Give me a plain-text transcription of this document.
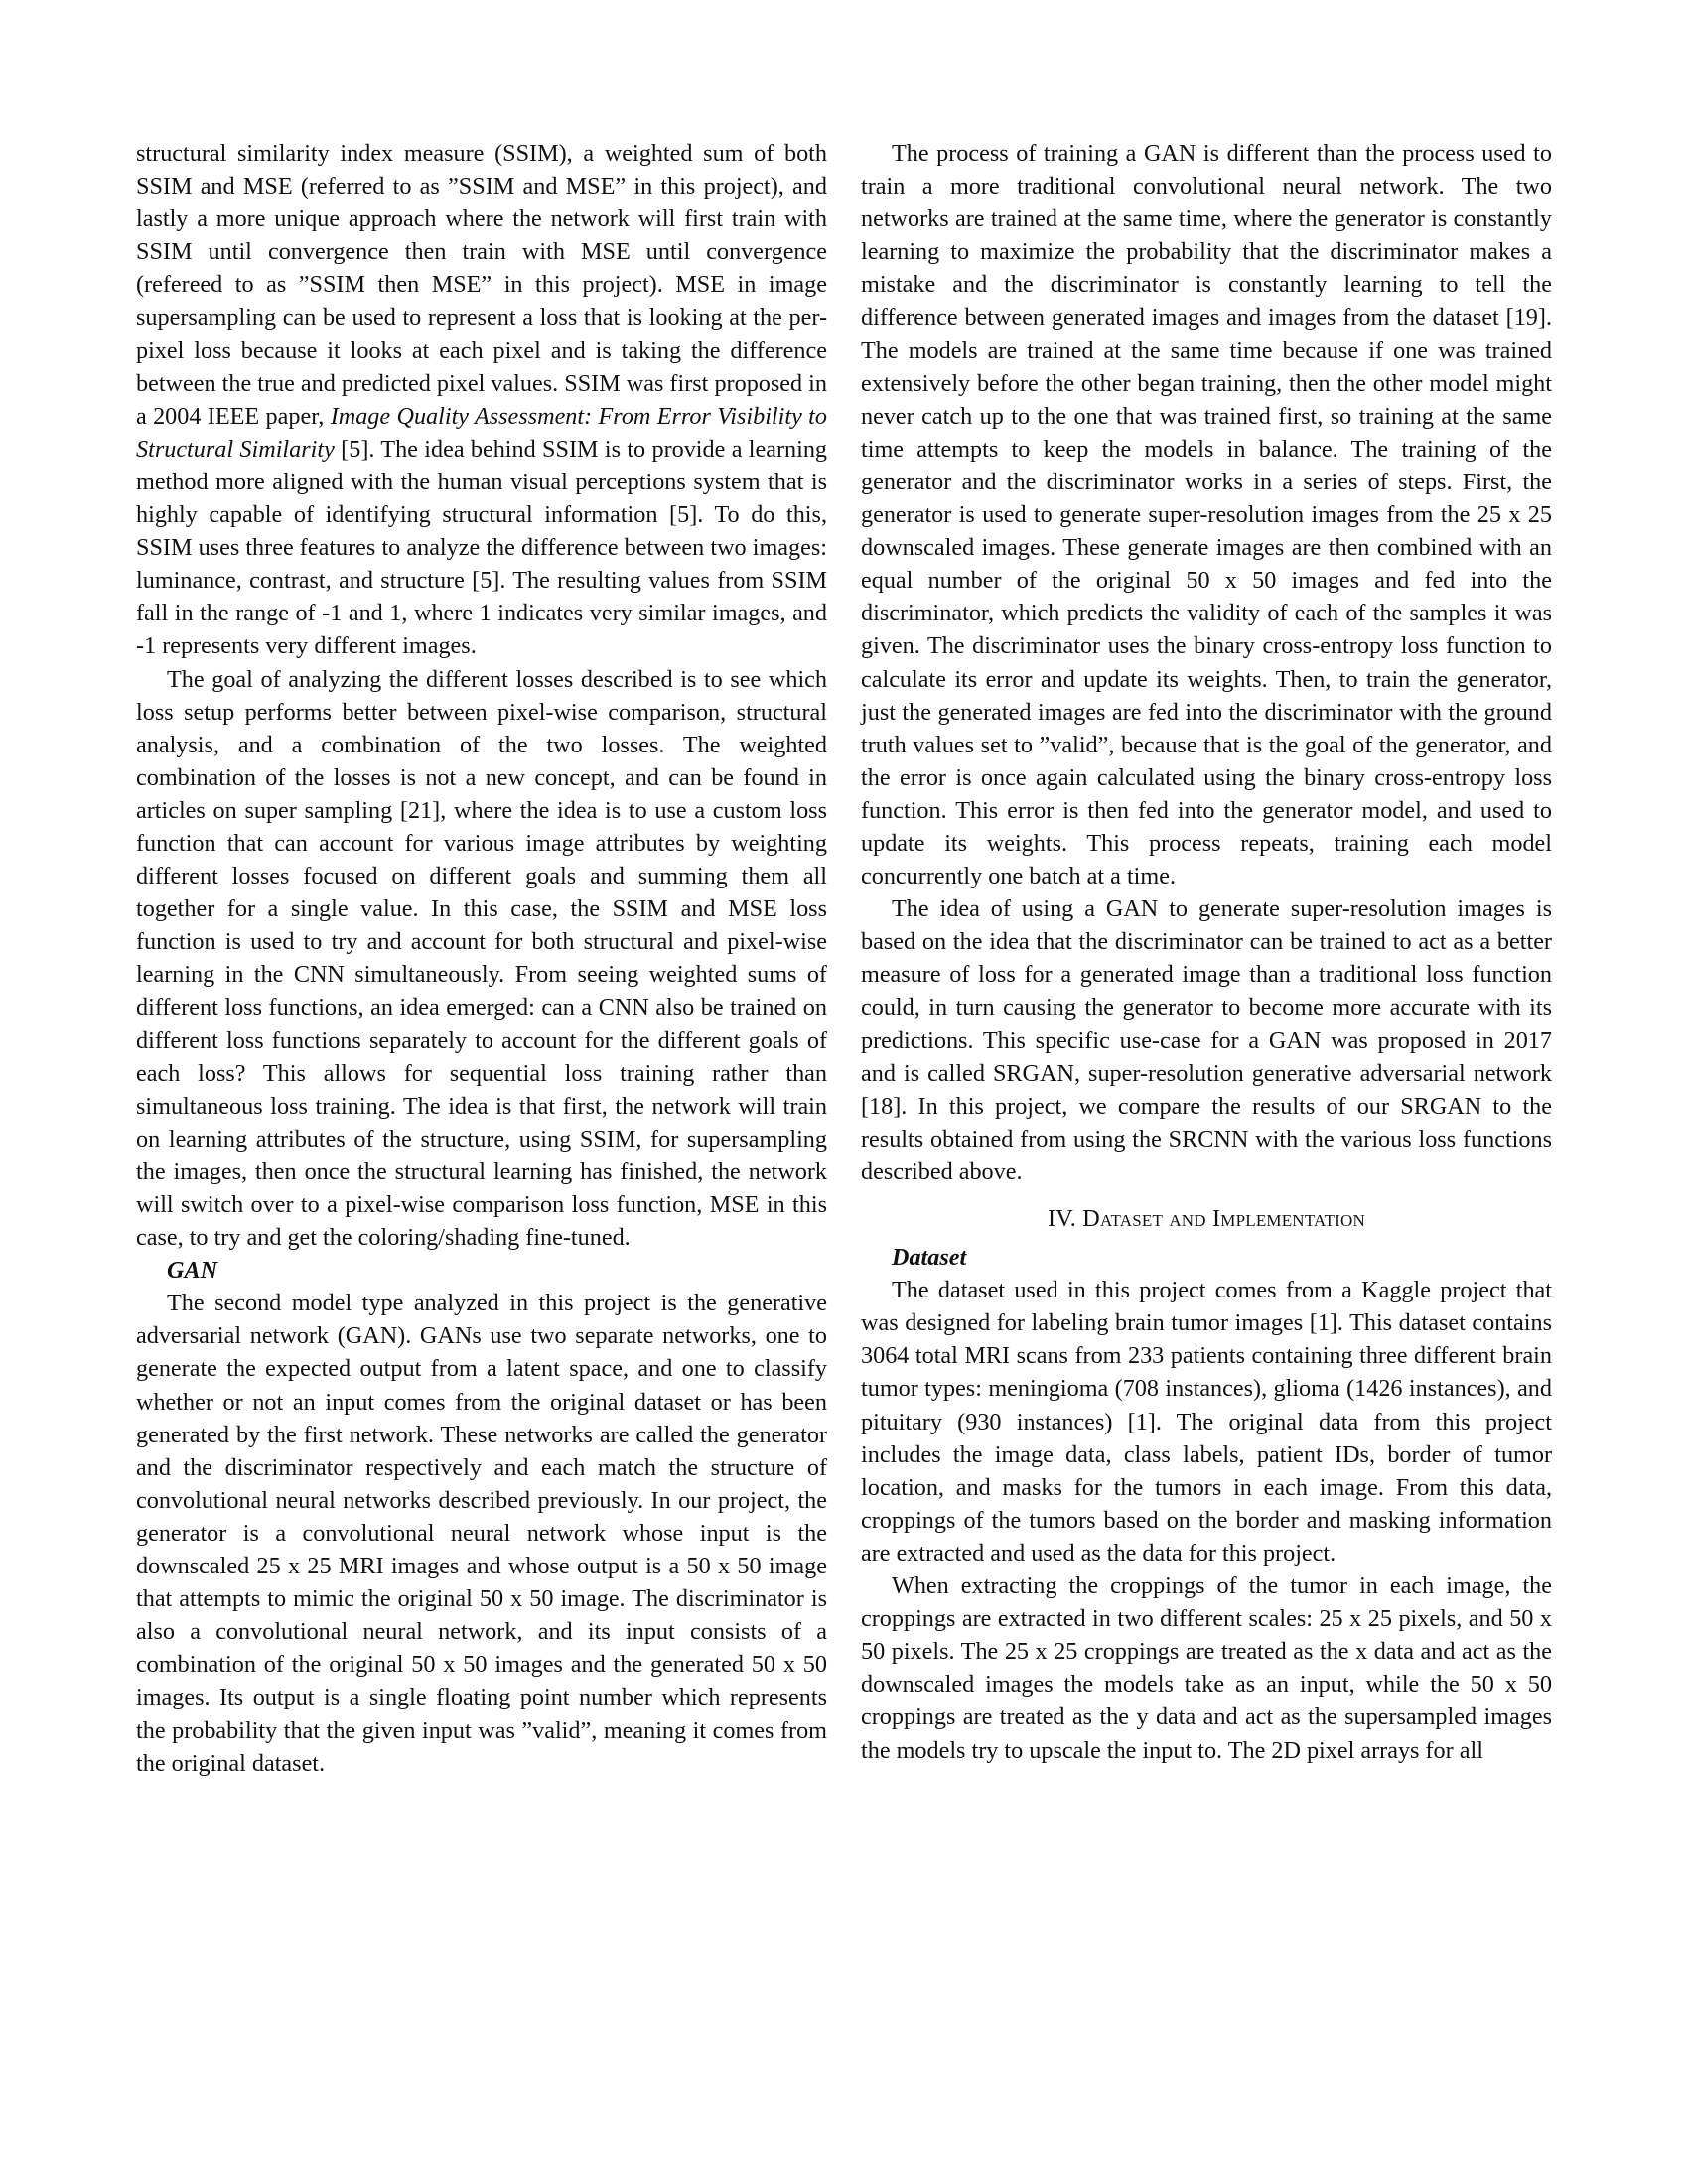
structural similarity index measure (SSIM), a weighted sum of both SSIM and MSE (referred to as ”SSIM and MSE” in this project), and lastly a more unique approach where the network will first train with SSIM until convergence then train with MSE until convergence (refereed to as ”SSIM then MSE” in this project). MSE in image supersampling can be used to represent a loss that is looking at the per-pixel loss because it looks at each pixel and is taking the difference between the true and predicted pixel values. SSIM was first proposed in a 2004 IEEE paper, Image Quality Assessment: From Error Visibility to Structural Similarity [5]. The idea behind SSIM is to provide a learning method more aligned with the human visual perceptions system that is highly capable of identifying structural information [5]. To do this, SSIM uses three features to analyze the difference between two images: luminance, contrast, and structure [5]. The resulting values from SSIM fall in the range of -1 and 1, where 1 indicates very similar images, and -1 represents very different images.

The goal of analyzing the different losses described is to see which loss setup performs better between pixel-wise comparison, structural analysis, and a combination of the two losses. The weighted combination of the losses is not a new concept, and can be found in articles on super sampling [21], where the idea is to use a custom loss function that can account for various image attributes by weighting different losses focused on different goals and summing them all together for a single value. In this case, the SSIM and MSE loss function is used to try and account for both structural and pixel-wise learning in the CNN simultaneously. From seeing weighted sums of different loss functions, an idea emerged: can a CNN also be trained on different loss functions separately to account for the different goals of each loss? This allows for sequential loss training rather than simultaneous loss training. The idea is that first, the network will train on learning attributes of the structure, using SSIM, for supersampling the images, then once the structural learning has finished, the network will switch over to a pixel-wise comparison loss function, MSE in this case, to try and get the coloring/shading fine-tuned.

GAN

The second model type analyzed in this project is the generative adversarial network (GAN). GANs use two separate networks, one to generate the expected output from a latent space, and one to classify whether or not an input comes from the original dataset or has been generated by the first network. These networks are called the generator and the discriminator respectively and each match the structure of convolutional neural networks described previously. In our project, the generator is a convolutional neural network whose input is the downscaled 25 x 25 MRI images and whose output is a 50 x 50 image that attempts to mimic the original 50 x 50 image. The discriminator is also a convolutional neural network, and its input consists of a combination of the original 50 x 50 images and the generated 50 x 50 images. Its output is a single floating point number which represents the probability that the given input was ”valid”, meaning it comes from the original dataset.

The process of training a GAN is different than the process used to train a more traditional convolutional neural network. The two networks are trained at the same time, where the generator is constantly learning to maximize the probability that the discriminator makes a mistake and the discriminator is constantly learning to tell the difference between generated images and images from the dataset [19]. The models are trained at the same time because if one was trained extensively before the other began training, then the other model might never catch up to the one that was trained first, so training at the same time attempts to keep the models in balance. The training of the generator and the discriminator works in a series of steps. First, the generator is used to generate super-resolution images from the 25 x 25 downscaled images. These generate images are then combined with an equal number of the original 50 x 50 images and fed into the discriminator, which predicts the validity of each of the samples it was given. The discriminator uses the binary cross-entropy loss function to calculate its error and update its weights. Then, to train the generator, just the generated images are fed into the discriminator with the ground truth values set to ”valid”, because that is the goal of the generator, and the error is once again calculated using the binary cross-entropy loss function. This error is then fed into the generator model, and used to update its weights. This process repeats, training each model concurrently one batch at a time.

The idea of using a GAN to generate super-resolution images is based on the idea that the discriminator can be trained to act as a better measure of loss for a generated image than a traditional loss function could, in turn causing the generator to become more accurate with its predictions. This specific use-case for a GAN was proposed in 2017 and is called SRGAN, super-resolution generative adversarial network [18]. In this project, we compare the results of our SRGAN to the results obtained from using the SRCNN with the various loss functions described above.

IV. Dataset and Implementation
Dataset

The dataset used in this project comes from a Kaggle project that was designed for labeling brain tumor images [1]. This dataset contains 3064 total MRI scans from 233 patients containing three different brain tumor types: meningioma (708 instances), glioma (1426 instances), and pituitary (930 instances) [1]. The original data from this project includes the image data, class labels, patient IDs, border of tumor location, and masks for the tumors in each image. From this data, croppings of the tumors based on the border and masking information are extracted and used as the data for this project.

When extracting the croppings of the tumor in each image, the croppings are extracted in two different scales: 25 x 25 pixels, and 50 x 50 pixels. The 25 x 25 croppings are treated as the x data and act as the downscaled images the models take as an input, while the 50 x 50 croppings are treated as the y data and act as the supersampled images the models try to upscale the input to. The 2D pixel arrays for all
